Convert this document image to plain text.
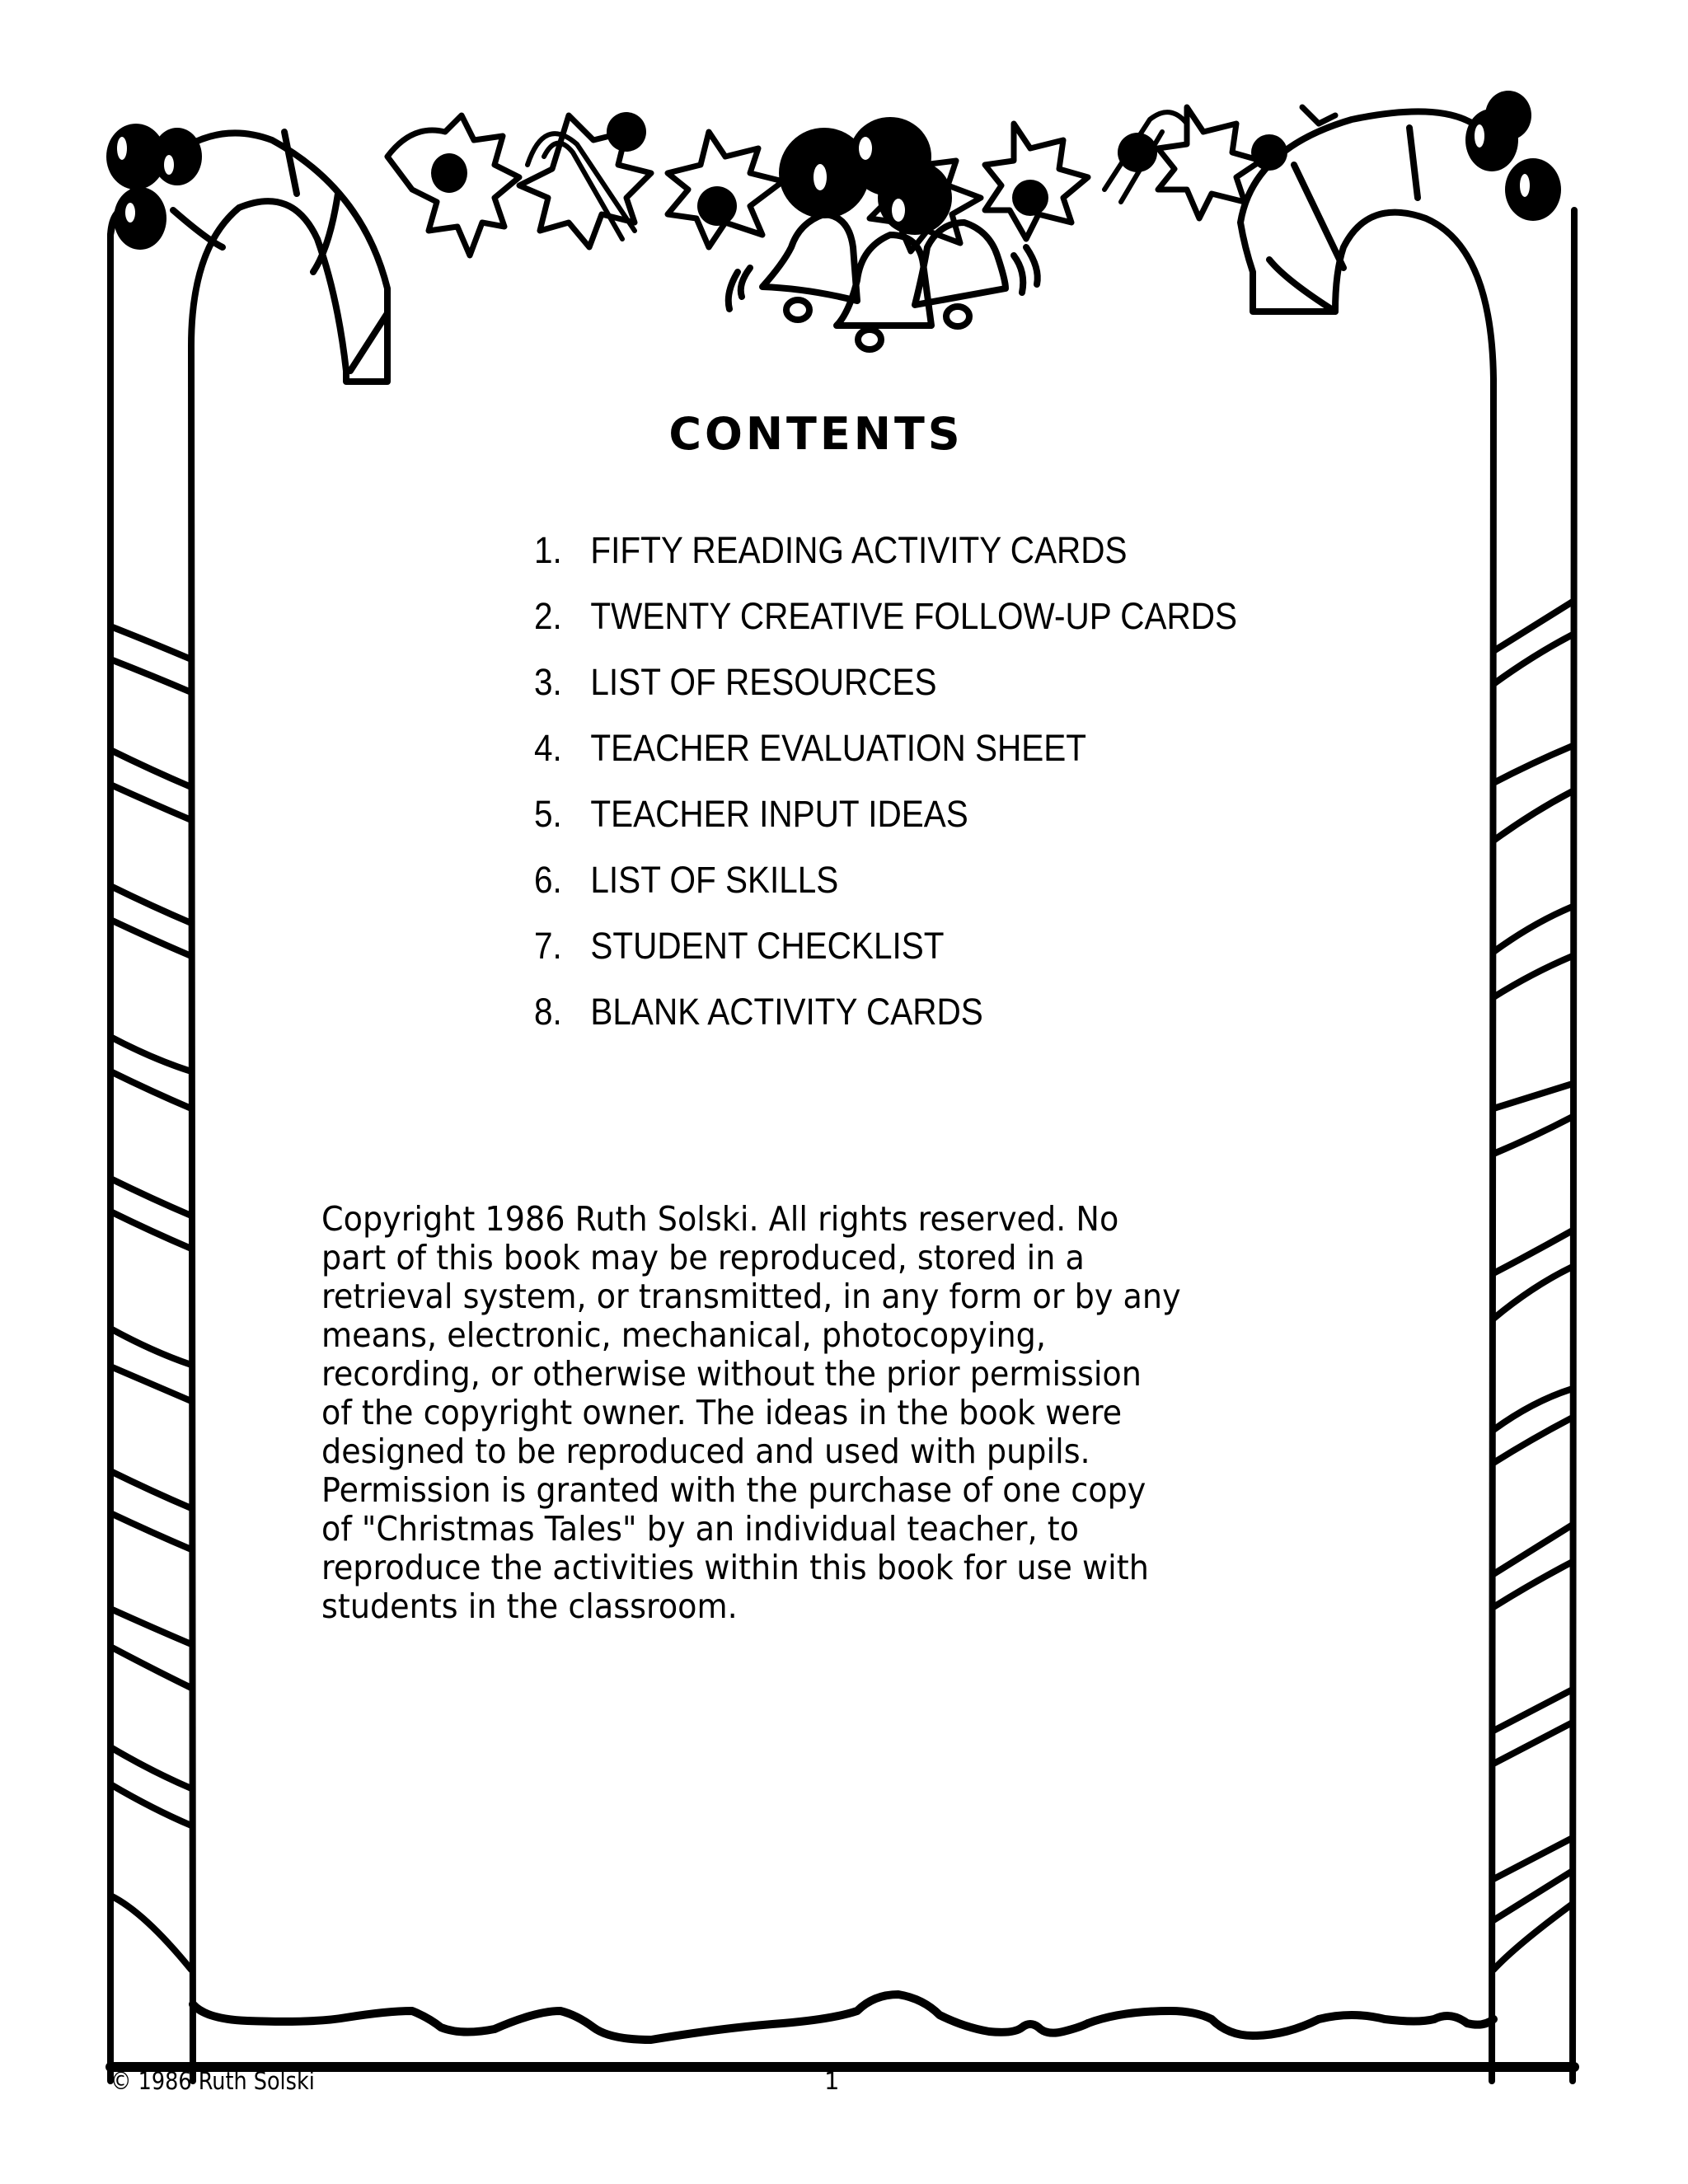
CONTENTS
1. FIFTY READING ACTIVITY CARDS
2. TWENTY CREATIVE FOLLOW-UP CARDS
3. LIST OF RESOURCES
4. TEACHER EVALUATION SHEET
5. TEACHER INPUT IDEAS
6. LIST OF SKILLS
7. STUDENT CHECKLIST
8. BLANK ACTIVITY CARDS
Copyright 1986 Ruth Solski. All rights reserved. No
part of this book may be reproduced, stored in a
retrieval system, or transmitted, in any form or by any
means, electronic, mechanical, photocopying,
recording, or otherwise without the prior permission
of the copyright owner. The ideas in the book were
designed to be reproduced and used with pupils.
Permission is granted with the purchase of one copy
of "Christmas Tales" by an individual teacher, to
reproduce the activities within this book for use with
students in the classroom.
© 1986 Ruth Solski	1
